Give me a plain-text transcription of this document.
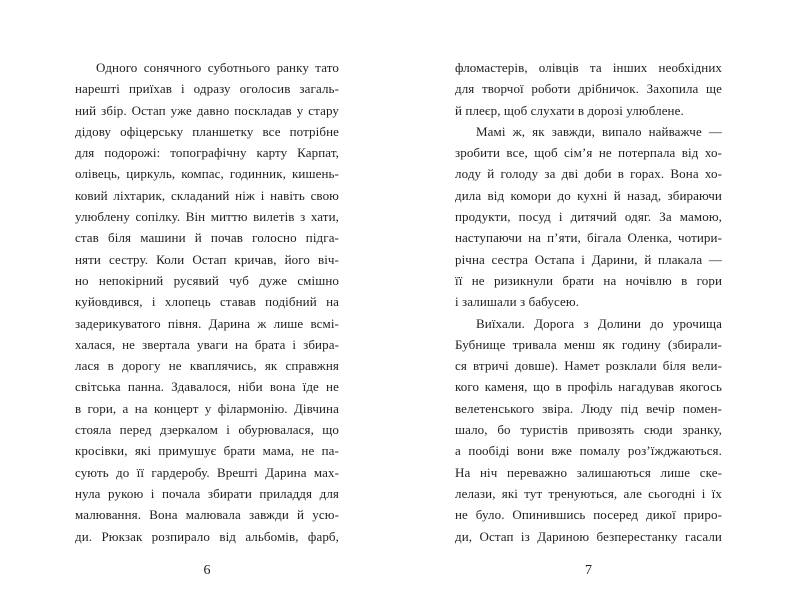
Одного сонячного суботнього ранку тато
нарешті приїхав і одразу оголосив загаль-
ний збір. Остап уже давно поскладав у стару
дідову офіцерську планшетку все потрібне
для подорожі: топографічну карту Карпат,
олівець, циркуль, компас, годинник, кишень-
ковий ліхтарик, складаний ніж і навіть свою
улюблену сопілку. Він миттю вилетів з хати,
став біля машини й почав голосно підга-
няти сестру. Коли Остап кричав, його віч-
но непокірний русявий чуб дуже смішно
куйовдився, і хлопець ставав подібний на
задерикуватого півня. Дарина ж лише всмі-
халася, не звертала уваги на брата і збира-
лася в дорогу не кваплячись, як справжня
світська панна. Здавалося, ніби вона їде не
в гори, а на концерт у філармонію. Дівчина
стояла перед дзеркалом і обурювалася, що
кросівки, які примушує брати мама, не па-
сують до її гардеробу. Врешті Дарина мах-
нула рукою і почала збирати приладдя для
малювання. Вона малювала завжди й усю-
ди. Рюкзак розпирало від альбомів, фарб,
6
фломастерів, олівців та інших необхідних
для творчої роботи дрібничок. Захопила ще
й плеєр, щоб слухати в дорозі улюблене.
Мамі ж, як завжди, випало найважче —
зробити все, щоб сім’я не потерпала від хо-
лоду й голоду за дві доби в горах. Вона хо-
дила від комори до кухні й назад, збираючи
продукти, посуд і дитячий одяг. За мамою,
наступаючи на п’яти, бігала Оленка, чотири-
річна сестра Остапа і Дарини, й плакала —
її не ризикнули брати на ночівлю в гори
і залишали з бабусею.
Виїхали. Дорога з Долини до урочища
Бубнище тривала менш як годину (збирали-
ся втричі довше). Намет розклали біля вели-
кого каменя, що в профіль нагадував якогось
велетенського звіра. Люду під вечір помен-
шало, бо туристів привозять сюди зранку,
а пообіді вони вже помалу роз’їжджаються.
На ніч переважно залишаються лише ске-
лелази, які тут тренуються, але сьогодні і їх
не було. Опинившись посеред дикої приро-
ди, Остап із Дариною безперестанку гасали
7
